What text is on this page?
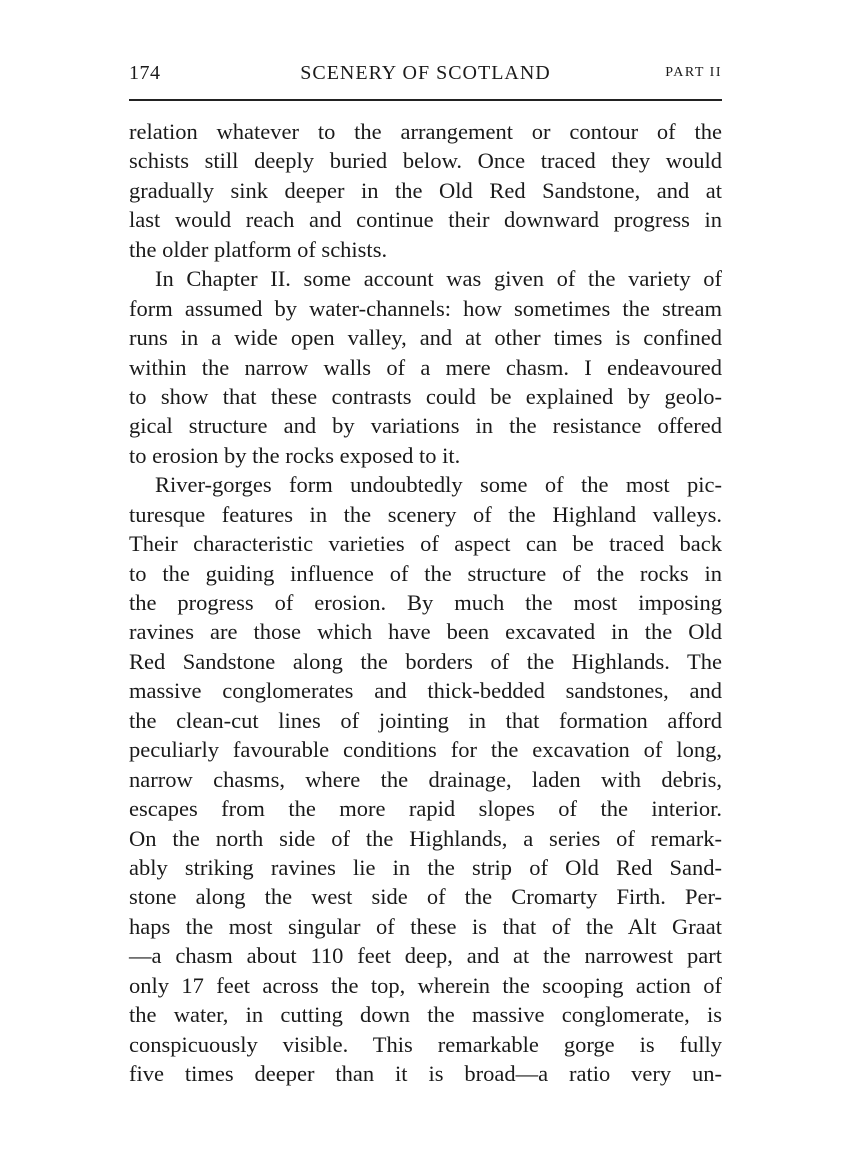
174	SCENERY OF SCOTLAND	PART II
relation whatever to the arrangement or contour of the
schists still deeply buried below. Once traced they would
gradually sink deeper in the Old Red Sandstone, and at
last would reach and continue their downward progress in
the older platform of schists.
In Chapter II. some account was given of the variety of
form assumed by water-channels: how sometimes the stream
runs in a wide open valley, and at other times is confined
within the narrow walls of a mere chasm. I endeavoured
to show that these contrasts could be explained by geolo-
gical structure and by variations in the resistance offered
to erosion by the rocks exposed to it.
River-gorges form undoubtedly some of the most pic-
turesque features in the scenery of the Highland valleys.
Their characteristic varieties of aspect can be traced back
to the guiding influence of the structure of the rocks in
the progress of erosion. By much the most imposing
ravines are those which have been excavated in the Old
Red Sandstone along the borders of the Highlands. The
massive conglomerates and thick-bedded sandstones, and
the clean-cut lines of jointing in that formation afford
peculiarly favourable conditions for the excavation of long,
narrow chasms, where the drainage, laden with debris,
escapes from the more rapid slopes of the interior.
On the north side of the Highlands, a series of remark-
ably striking ravines lie in the strip of Old Red Sand-
stone along the west side of the Cromarty Firth. Per-
haps the most singular of these is that of the Alt Graat
—a chasm about 110 feet deep, and at the narrowest part
only 17 feet across the top, wherein the scooping action of
the water, in cutting down the massive conglomerate, is
conspicuously visible. This remarkable gorge is fully
five times deeper than it is broad—a ratio very un-
